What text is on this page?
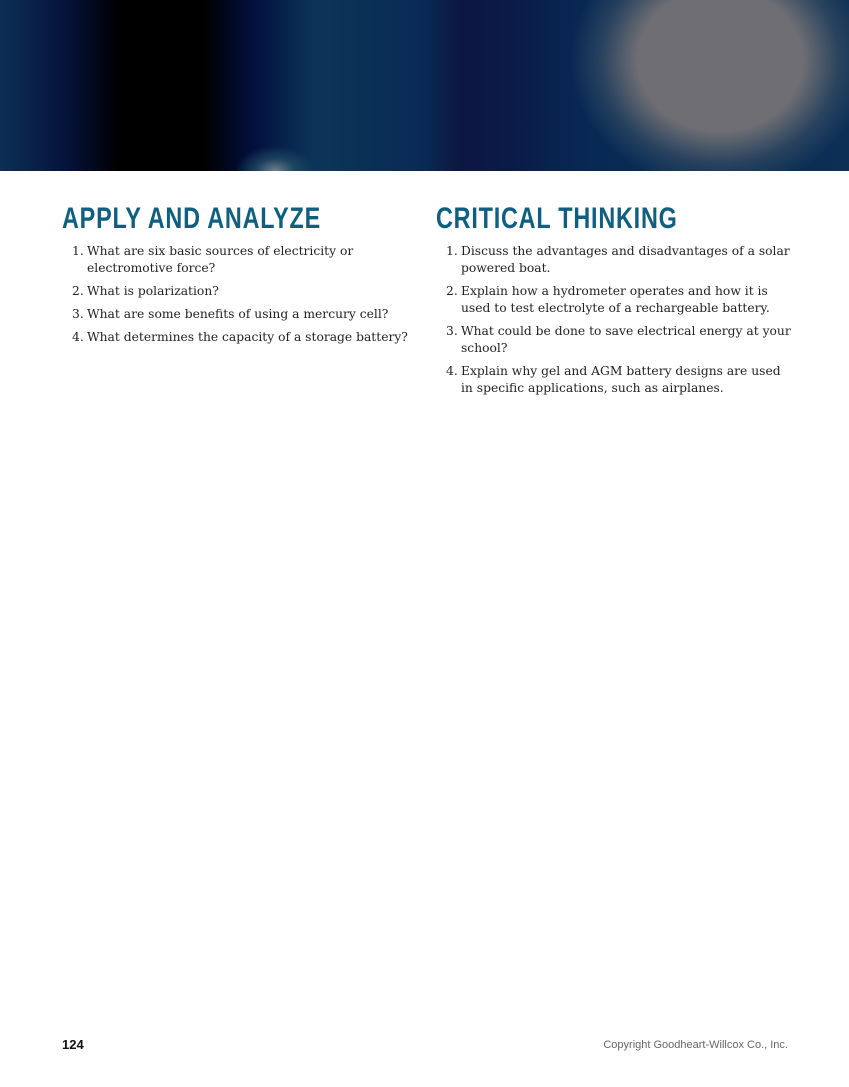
APPLY AND ANALYZE
1. What are six basic sources of electricity or electromotive force?
2. What is polarization?
3. What are some benefits of using a mercury cell?
4. What determines the capacity of a storage battery?
CRITICAL THINKING
1. Discuss the advantages and disadvantages of a solar powered boat.
2. Explain how a hydrometer operates and how it is used to test electrolyte of a rechargeable battery.
3. What could be done to save electrical energy at your school?
4. Explain why gel and AGM battery designs are used in specific applications, such as airplanes.
124	Copyright Goodheart-Willcox Co., Inc.
